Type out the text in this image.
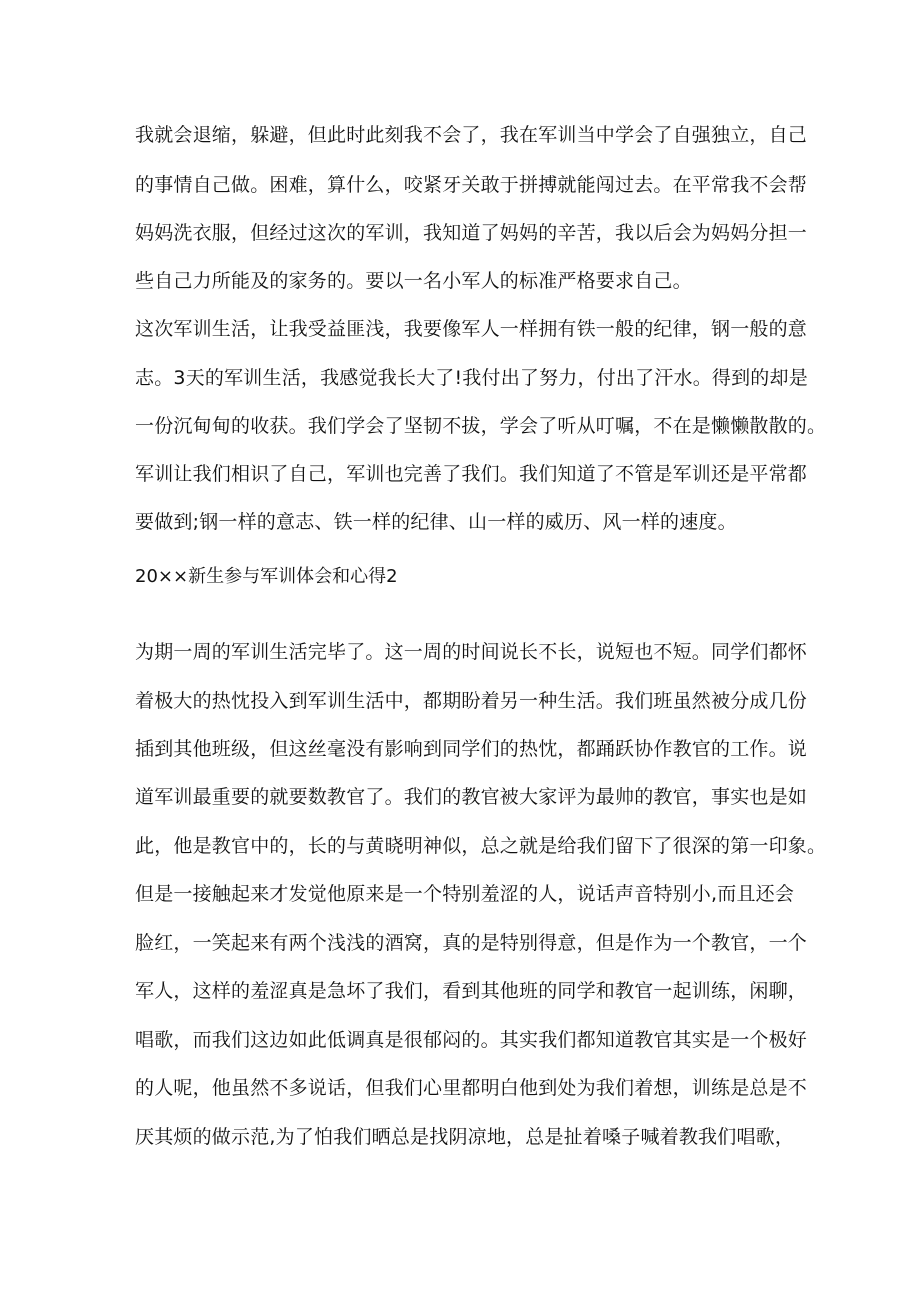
我就会退缩，躲避，但此时此刻我不会了，我在军训当中学会了自强独立，自己
的事情自己做。困难，算什么，咬紧牙关敢于拼搏就能闯过去。在平常我不会帮
妈妈洗衣服，但经过这次的军训，我知道了妈妈的辛苦，我以后会为妈妈分担一
些自己力所能及的家务的。要以一名小军人的标准严格要求自己。
这次军训生活，让我受益匪浅，我要像军人一样拥有铁一般的纪律，钢一般的意
志。3天的军训生活，我感觉我长大了!我付出了努力，付出了汗水。得到的却是
一份沉甸甸的收获。我们学会了坚韧不拔，学会了听从叮嘱，不在是懒懒散散的。
军训让我们相识了自己，军训也完善了我们。我们知道了不管是军训还是平常都
要做到;钢一样的意志、铁一样的纪律、山一样的威历、风一样的速度。
20××新生参与军训体会和心得2
为期一周的军训生活完毕了。这一周的时间说长不长，说短也不短。同学们都怀
着极大的热忱投入到军训生活中，都期盼着另一种生活。我们班虽然被分成几份
插到其他班级，但这丝毫没有影响到同学们的热忱，都踊跃协作教官的工作。说
道军训最重要的就要数教官了。我们的教官被大家评为最帅的教官，事实也是如
此，他是教官中的，长的与黄晓明神似，总之就是给我们留下了很深的第一印象。
但是一接触起来才发觉他原来是一个特别羞涩的人，说话声音特别小,而且还会
脸红，一笑起来有两个浅浅的酒窝，真的是特别得意，但是作为一个教官，一个
军人，这样的羞涩真是急坏了我们，看到其他班的同学和教官一起训练，闲聊，
唱歌，而我们这边如此低调真是很郁闷的。其实我们都知道教官其实是一个极好
的人呢，他虽然不多说话，但我们心里都明白他到处为我们着想，训练是总是不
厌其烦的做示范,为了怕我们晒总是找阴凉地，总是扯着嗓子喊着教我们唱歌，
